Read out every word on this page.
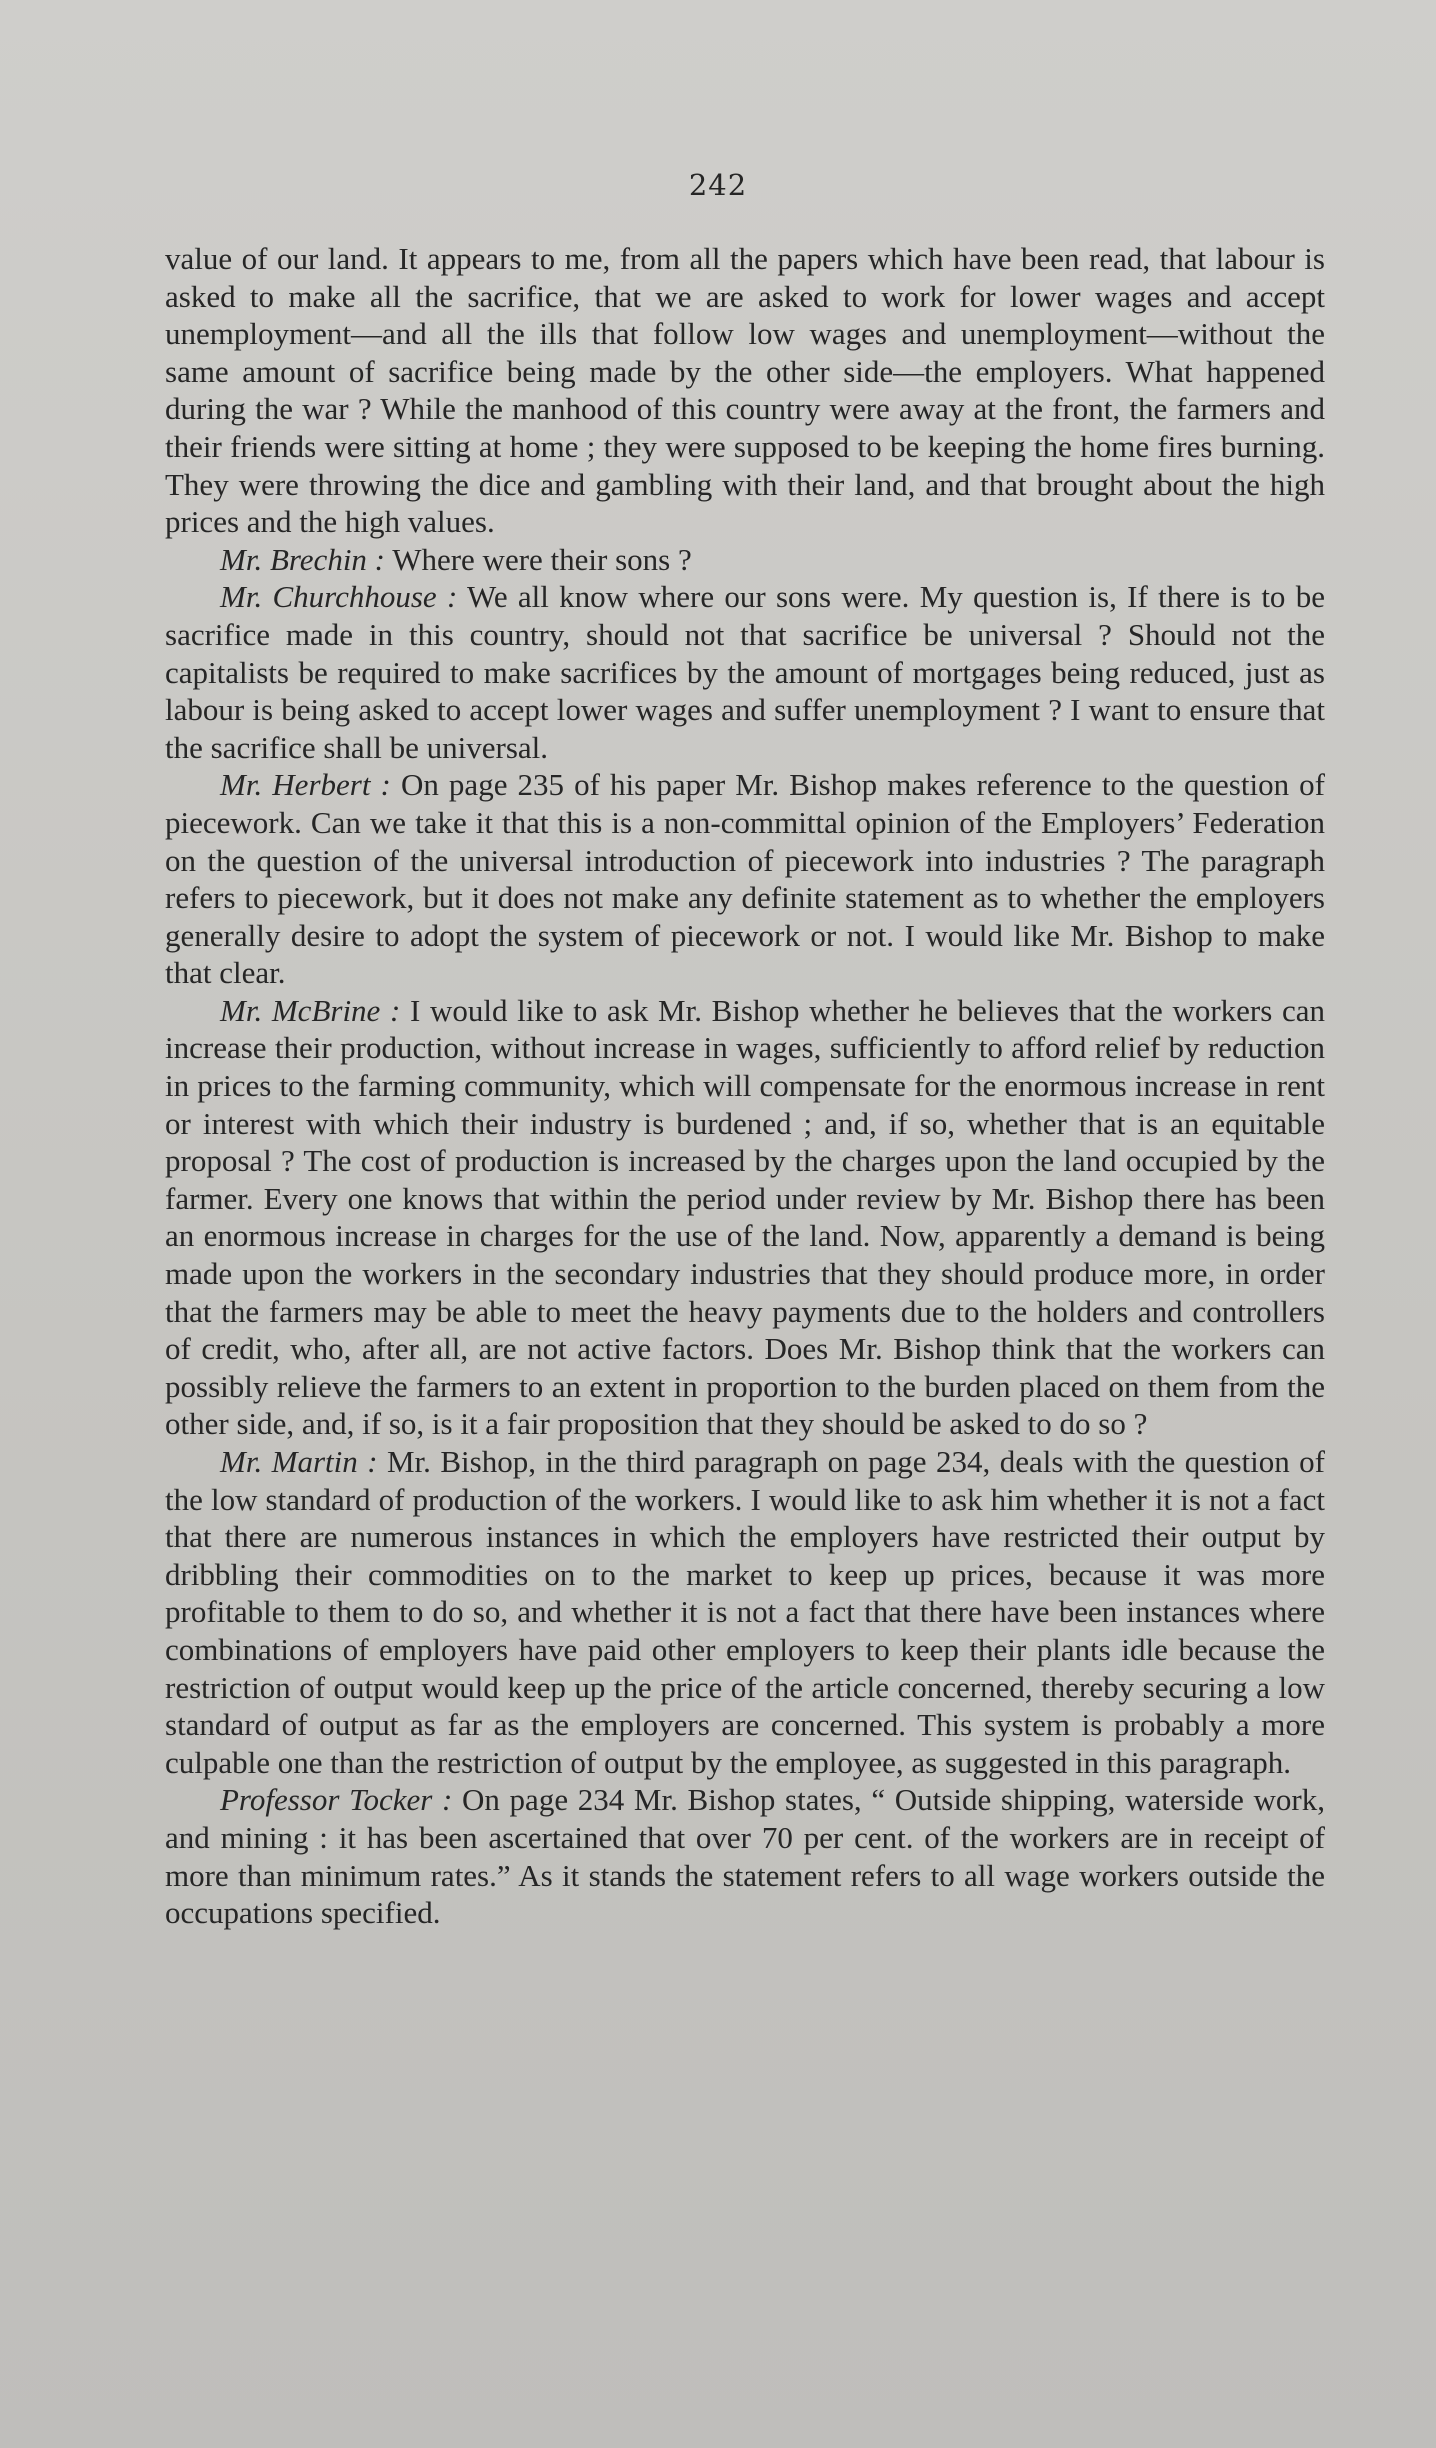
242

value of our land. It appears to me, from all the papers which have been read, that labour is asked to make all the sacrifice, that we are asked to work for lower wages and accept unemployment—and all the ills that follow low wages and unemployment—without the same amount of sacrifice being made by the other side—the employers. What happened during the war ? While the manhood of this country were away at the front, the farmers and their friends were sitting at home ; they were supposed to be keeping the home fires burning. They were throwing the dice and gambling with their land, and that brought about the high prices and the high values.

Mr. Brechin : Where were their sons ?

Mr. Churchhouse : We all know where our sons were. My question is, If there is to be sacrifice made in this country, should not that sacrifice be universal ? Should not the capitalists be required to make sacrifices by the amount of mortgages being reduced, just as labour is being asked to accept lower wages and suffer unemployment ? I want to ensure that the sacrifice shall be universal.

Mr. Herbert : On page 235 of his paper Mr. Bishop makes reference to the question of piecework. Can we take it that this is a non-committal opinion of the Employers’ Federation on the question of the universal introduction of piecework into industries ? The paragraph refers to piecework, but it does not make any definite statement as to whether the employers generally desire to adopt the system of piecework or not. I would like Mr. Bishop to make that clear.

Mr. McBrine : I would like to ask Mr. Bishop whether he believes that the workers can increase their production, without increase in wages, sufficiently to afford relief by reduction in prices to the farming community, which will compensate for the enormous increase in rent or interest with which their industry is burdened ; and, if so, whether that is an equitable proposal ? The cost of production is increased by the charges upon the land occupied by the farmer. Every one knows that within the period under review by Mr. Bishop there has been an enormous increase in charges for the use of the land. Now, apparently a demand is being made upon the workers in the secondary industries that they should produce more, in order that the farmers may be able to meet the heavy payments due to the holders and controllers of credit, who, after all, are not active factors. Does Mr. Bishop think that the workers can possibly relieve the farmers to an extent in proportion to the burden placed on them from the other side, and, if so, is it a fair proposition that they should be asked to do so ?

Mr. Martin : Mr. Bishop, in the third paragraph on page 234, deals with the question of the low standard of production of the workers. I would like to ask him whether it is not a fact that there are numerous instances in which the employers have restricted their output by dribbling their commodities on to the market to keep up prices, because it was more profitable to them to do so, and whether it is not a fact that there have been instances where combinations of employers have paid other employers to keep their plants idle because the restriction of output would keep up the price of the article concerned, thereby securing a low standard of output as far as the employers are concerned. This system is probably a more culpable one than the restriction of output by the employee, as suggested in this paragraph.

Professor Tocker : On page 234 Mr. Bishop states, “ Outside shipping, waterside work, and mining : it has been ascertained that over 70 per cent. of the workers are in receipt of more than minimum rates.” As it stands the statement refers to all wage workers outside the occupations specified.
